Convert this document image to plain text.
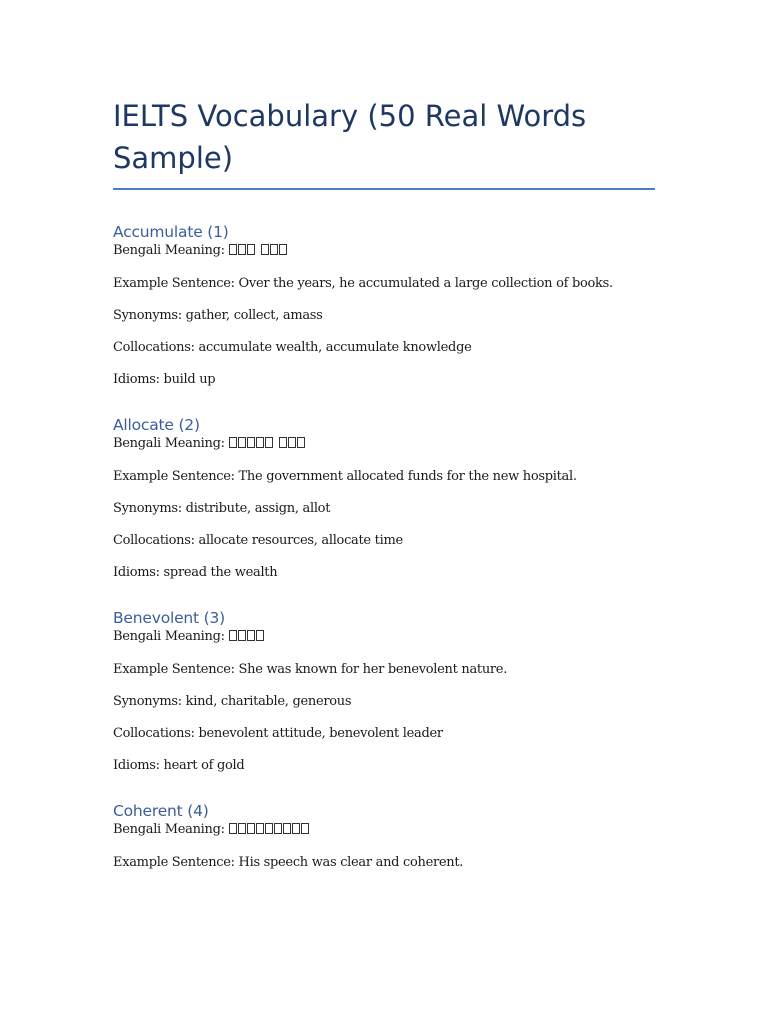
IELTS Vocabulary (50 Real Words Sample)
Accumulate (1)

Bengali Meaning:

Example Sentence: Over the years, he accumulated a large collection of books.

Synonyms: gather, collect, amass

Collocations: accumulate wealth, accumulate knowledge

Idioms: build up

Allocate (2)

Bengali Meaning:

Example Sentence: The government allocated funds for the new hospital.

Synonyms: distribute, assign, allot

Collocations: allocate resources, allocate time

Idioms: spread the wealth

Benevolent (3)

Bengali Meaning:

Example Sentence: She was known for her benevolent nature.

Synonyms: kind, charitable, generous

Collocations: benevolent attitude, benevolent leader

Idioms: heart of gold

Coherent (4)

Bengali Meaning:

Example Sentence: His speech was clear and coherent.
